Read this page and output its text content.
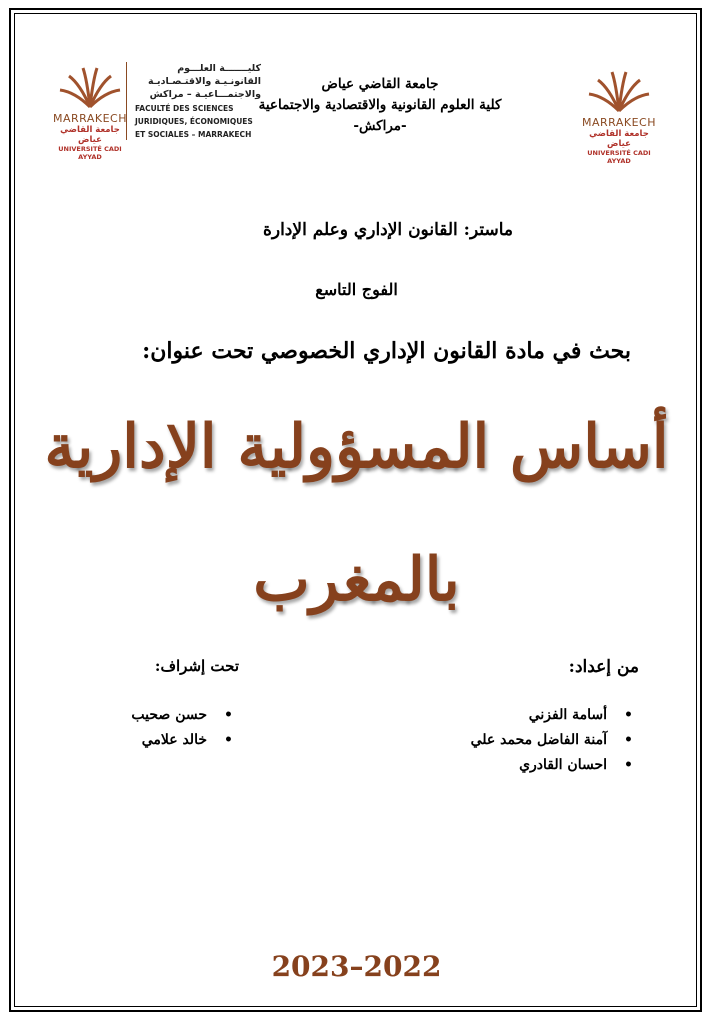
MARRAKECH
جامعة القاضي عياض
UNIVERSITÉ CADI AYYAD
كليـــــــة العلـــوم
القانونـيـة والاقتـصـاديـة
والاجتمـــاعيـة – مراكش
FACULTÉ DES SCIENCES
JURIDIQUES, ÉCONOMIQUES
ET SOCIALES – MARRAKECH
جامعة القاضي عياض
كلية العلوم القانونية والاقتصادية والاجتماعية
-مراكش-	MARRAKECH
جامعة القاضي عياض
UNIVERSITÉ CADI AYYAD
ماستر: القانون الإداري وعلم الإدارة
الفوج التاسع
بحث في مادة القانون الإداري الخصوصي تحت عنوان:
أساس المسؤولية الإدارية
بالمغرب
من إعداد:
تحت إشراف:
• أسامة الفزني
• آمنة الفاضل محمد علي
• احسان القادري
• حسن صحيب
• خالد علامي
2023–2022
